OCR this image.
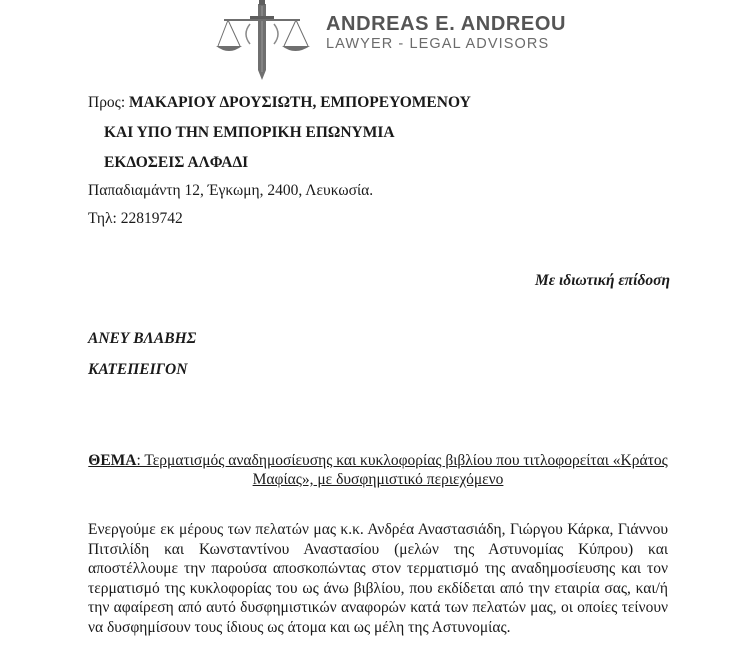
ANDREAS E. ANDREOU
LAWYER - LEGAL ADVISORS
Προς: ΜΑΚΑΡΙΟΥ ΔΡΟΥΣΙΩΤΗ, ΕΜΠΟΡΕΥΟΜΕΝΟΥ
ΚΑΙ ΥΠΟ ΤΗΝ ΕΜΠΟΡΙΚΗ ΕΠΩΝΥΜΙΑ
ΕΚΔΟΣΕΙΣ ΑΛΦΑΔΙ
Παπαδιαμάντη 12, Έγκωμη, 2400, Λευκωσία.
Τηλ: 22819742
Με ιδιωτική επίδοση
ΑΝΕΥ ΒΛΑΒΗΣ
ΚΑΤΕΠΕΙΓΟΝ
ΘΕΜΑ: Τερματισμός αναδημοσίευσης και κυκλοφορίας βιβλίου που τιτλοφορείται «Κράτος
Μαφίας», με δυσφημιστικό περιεχόμενο
Ενεργούμε εκ μέρους των πελατών μας κ.κ. Ανδρέα Αναστασιάδη, Γιώργου Κάρκα, Γιάννου Πιτσιλίδη και Κωνσταντίνου Αναστασίου (μελών της Αστυνομίας Κύπρου) και αποστέλλουμε την παρούσα αποσκοπώντας στον τερματισμό της αναδημοσίευσης και τον τερματισμό της κυκλοφορίας του ως άνω βιβλίου, που εκδίδεται από την εταιρία σας, και/ή την αφαίρεση από αυτό δυσφημιστικών αναφορών κατά των πελατών μας, οι οποίες τείνουν να δυσφημίσουν τους ίδιους ως άτομα και ως μέλη της Αστυνομίας.
